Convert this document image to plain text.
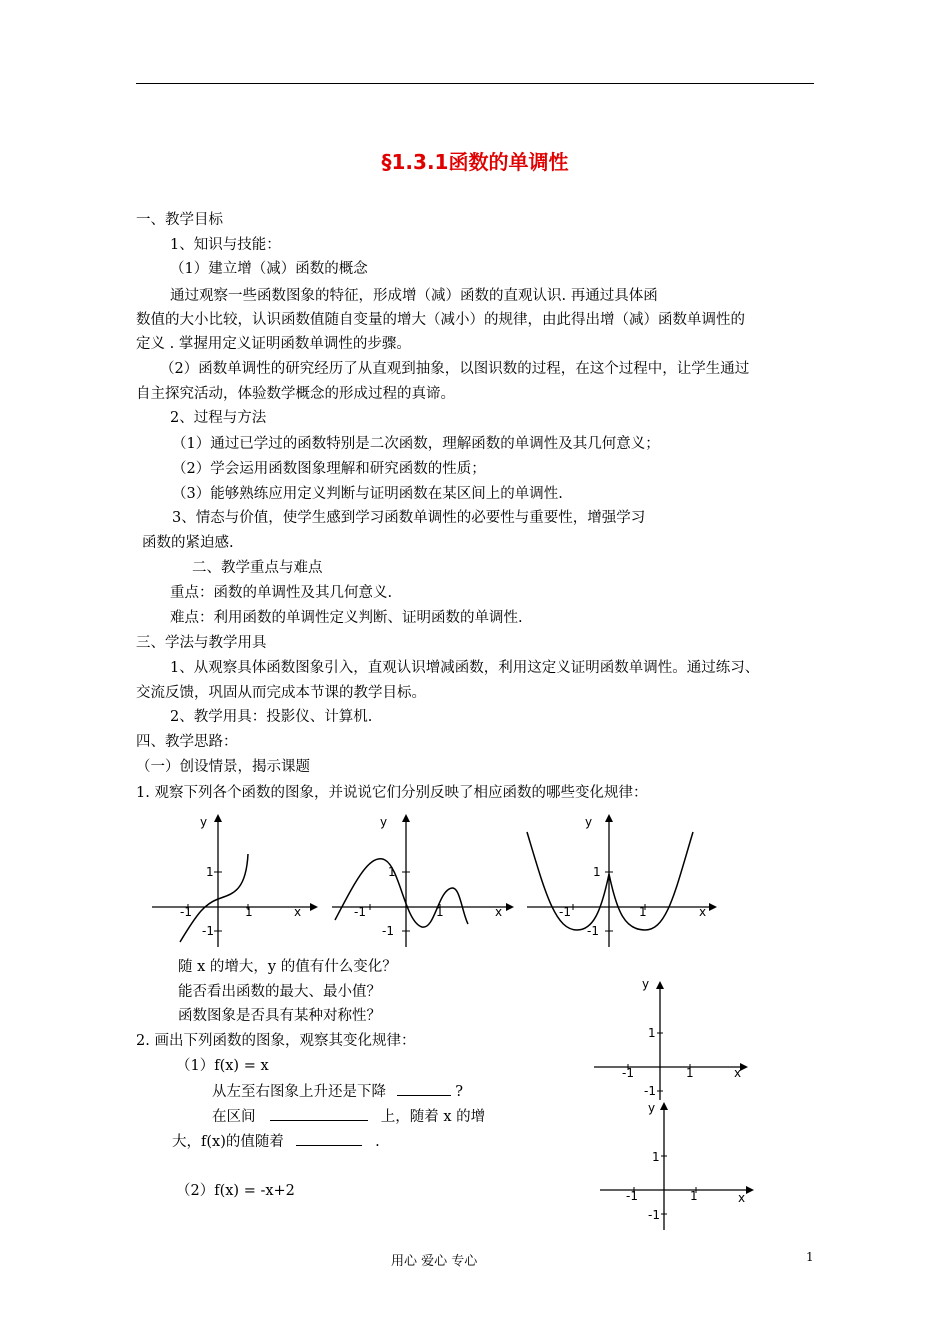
§1.3.1函数的单调性
一、教学目标
1、知识与技能：
（1）建立增（减）函数的概念
通过观察一些函数图象的特征，形成增（减）函数的直观认识. 再通过具体函
数值的大小比较，认识函数值随自变量的增大（减小）的规律，由此得出增（减）函数单调性的
定义 . 掌握用定义证明函数单调性的步骤。
（2）函数单调性的研究经历了从直观到抽象，以图识数的过程，在这个过程中，让学生通过
自主探究活动，体验数学概念的形成过程的真谛。
2、过程与方法
（1）通过已学过的函数特别是二次函数，理解函数的单调性及其几何意义；
（2）学会运用函数图象理解和研究函数的性质；
（3）能够熟练应用定义判断与证明函数在某区间上的单调性.
3、情态与价值，使学生感到学习函数单调性的必要性与重要性，增强学习
函数的紧迫感.
二、教学重点与难点
重点：函数的单调性及其几何意义.
难点：利用函数的单调性定义判断、证明函数的单调性.
三、学法与教学用具
1、从观察具体函数图象引入，直观认识增减函数，利用这定义证明函数单调性。通过练习、
交流反馈，巩固从而完成本节课的教学目标。
2、教学用具：投影仪、计算机.
四、教学思路：
（一）创设情景，揭示课题
1. 观察下列各个函数的图象，并说说它们分别反映了相应函数的哪些变化规律：
y
1
-1	1	x
-1
y
1
-1	1	x
-1
y
1
-1	1	x
-1
随 x 的增大，y 的值有什么变化？
能否看出函数的最大、最小值？
函数图象是否具有某种对称性？
2. 画出下列函数的图象，观察其变化规律：
（1）f(x) = x
从左至右图象上升还是下降	?
在区间	上，随着 x 的增
大，f(x)的值随着	.
（2）f(x) = -x+2
y
1
-1	1	x
-1
y
1
-1	1	x
-1
用心 爱心 专心	1
